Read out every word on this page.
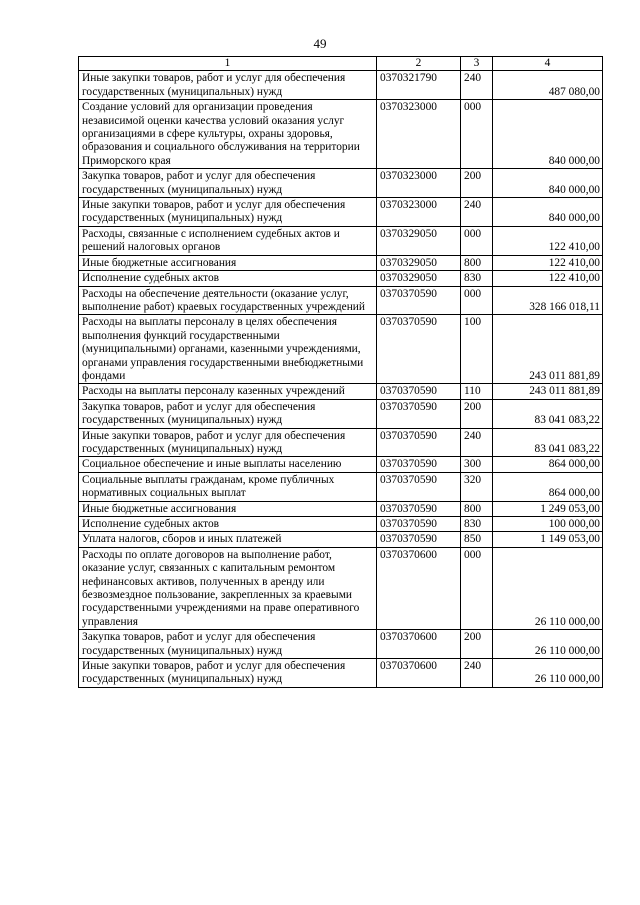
49
1	2	3	4
Иные закупки товаров, работ и услуг для обеспечения государственных (муниципальных) нужд	0370321790	240	487 080,00
Создание условий для организации проведения независимой оценки качества условий оказания услуг организациями в сфере культуры, охраны здоровья, образования и социального обслуживания на территории Приморского края	0370323000	000	840 000,00
Закупка товаров, работ и услуг для обеспечения государственных (муниципальных) нужд	0370323000	200	840 000,00
Иные закупки товаров, работ и услуг для обеспечения государственных (муниципальных) нужд	0370323000	240	840 000,00
Расходы, связанные с исполнением судебных актов и решений налоговых органов	0370329050	000	122 410,00
Иные бюджетные ассигнования	0370329050	800	122 410,00
Исполнение судебных актов	0370329050	830	122 410,00
Расходы на обеспечение деятельности (оказание услуг, выполнение работ) краевых государственных учреждений	0370370590	000	328 166 018,11
Расходы на выплаты персоналу в целях обеспечения выполнения функций государственными (муниципальными) органами, казенными учреждениями, органами управления государственными внебюджетными фондами	0370370590	100	243 011 881,89
Расходы на выплаты персоналу казенных учреждений	0370370590	110	243 011 881,89
Закупка товаров, работ и услуг для обеспечения государственных (муниципальных) нужд	0370370590	200	83 041 083,22
Иные закупки товаров, работ и услуг для обеспечения государственных (муниципальных) нужд	0370370590	240	83 041 083,22
Социальное обеспечение и иные выплаты населению	0370370590	300	864 000,00
Социальные выплаты гражданам, кроме публичных нормативных социальных выплат	0370370590	320	864 000,00
Иные бюджетные ассигнования	0370370590	800	1 249 053,00
Исполнение судебных актов	0370370590	830	100 000,00
Уплата налогов, сборов и иных платежей	0370370590	850	1 149 053,00
Расходы по оплате договоров на выполнение работ, оказание услуг, связанных с капитальным ремонтом нефинансовых активов, полученных в аренду или безвозмездное пользование, закрепленных за краевыми государственными учреждениями на праве оперативного управления	0370370600	000	26 110 000,00
Закупка товаров, работ и услуг для обеспечения государственных (муниципальных) нужд	0370370600	200	26 110 000,00
Иные закупки товаров, работ и услуг для обеспечения государственных (муниципальных) нужд	0370370600	240	26 110 000,00
